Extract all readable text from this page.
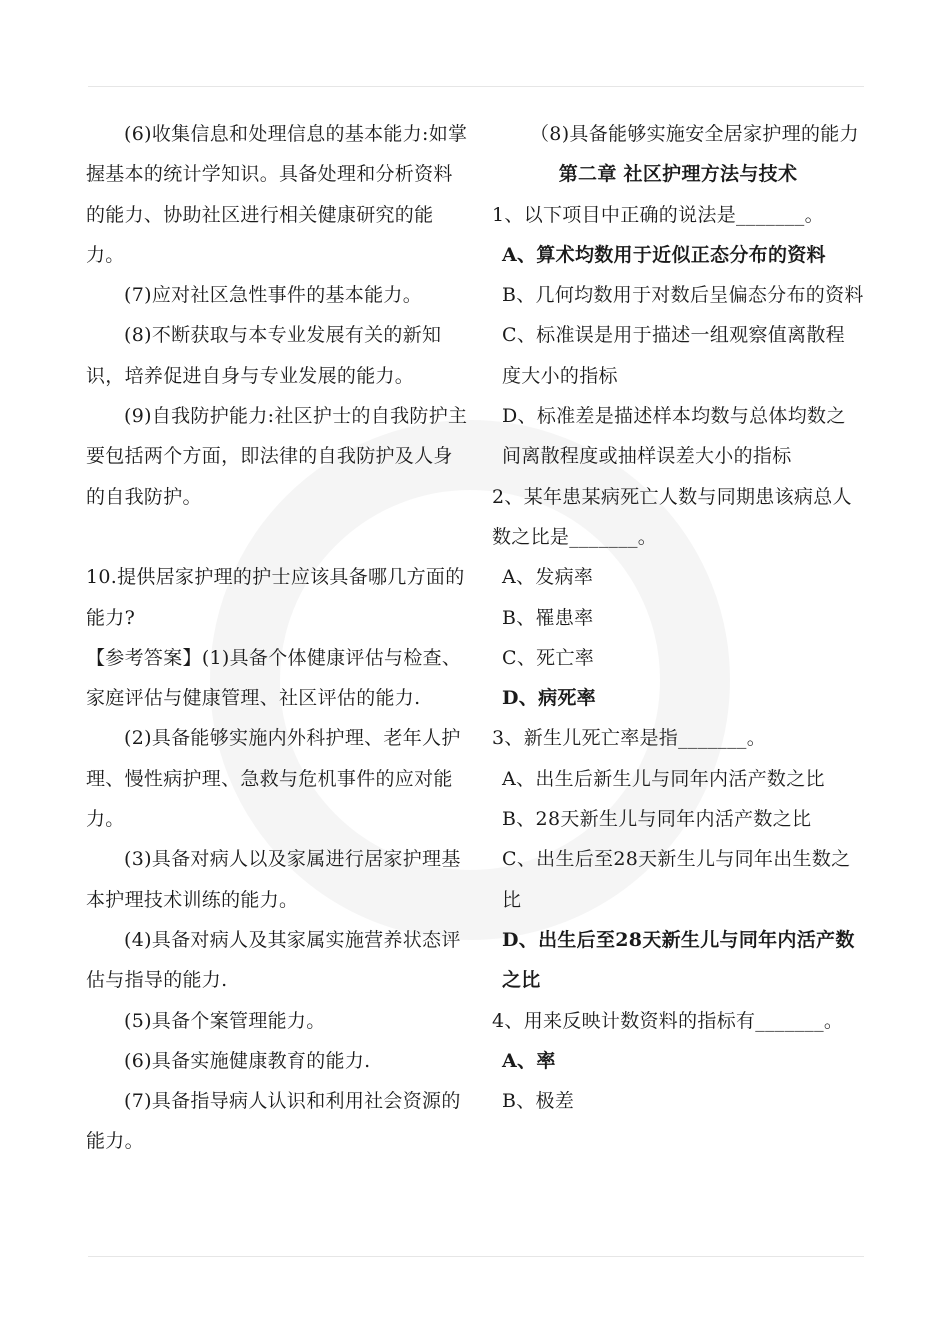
(6)收集信息和处理信息的基本能力:如掌握基本的统计学知识。具备处理和分析资料的能力、协助社区进行相关健康研究的能力。

(7)应对社区急性事件的基本能力。

(8)不断获取与本专业发展有关的新知识，培养促进自身与专业发展的能力。

(9)自我防护能力:社区护士的自我防护主要包括两个方面，即法律的自我防护及人身的自我防护。

10.提供居家护理的护士应该具备哪几方面的能力?

【参考答案】(1)具备个体健康评估与检查、家庭评估与健康管理、社区评估的能力.

(2)具备能够实施内外科护理、老年人护理、慢性病护理、急救与危机事件的应对能力。

(3)具备对病人以及家属进行居家护理基本护理技术训练的能力。

(4)具备对病人及其家属实施营养状态评估与指导的能力.

(5)具备个案管理能力。

(6)具备实施健康教育的能力.

(7)具备指导病人认识和利用社会资源的能力。

（8)具备能够实施安全居家护理的能力

第二章 社区护理方法与技术

1、以下项目中正确的说法是_______。

A、算术均数用于近似正态分布的资料

B、几何均数用于对数后呈偏态分布的资料

C、标准误是用于描述一组观察值离散程度大小的指标

D、标准差是描述样本均数与总体均数之间离散程度或抽样误差大小的指标

2、某年患某病死亡人数与同期患该病总人数之比是_______。

A、发病率

B、罹患率

C、死亡率

D、病死率

3、新生儿死亡率是指_______。

A、出生后新生儿与同年内活产数之比

B、28天新生儿与同年内活产数之比

C、出生后至28天新生儿与同年出生数之比

D、出生后至28天新生儿与同年内活产数之比

4、用来反映计数资料的指标有_______。

A、率

B、极差
